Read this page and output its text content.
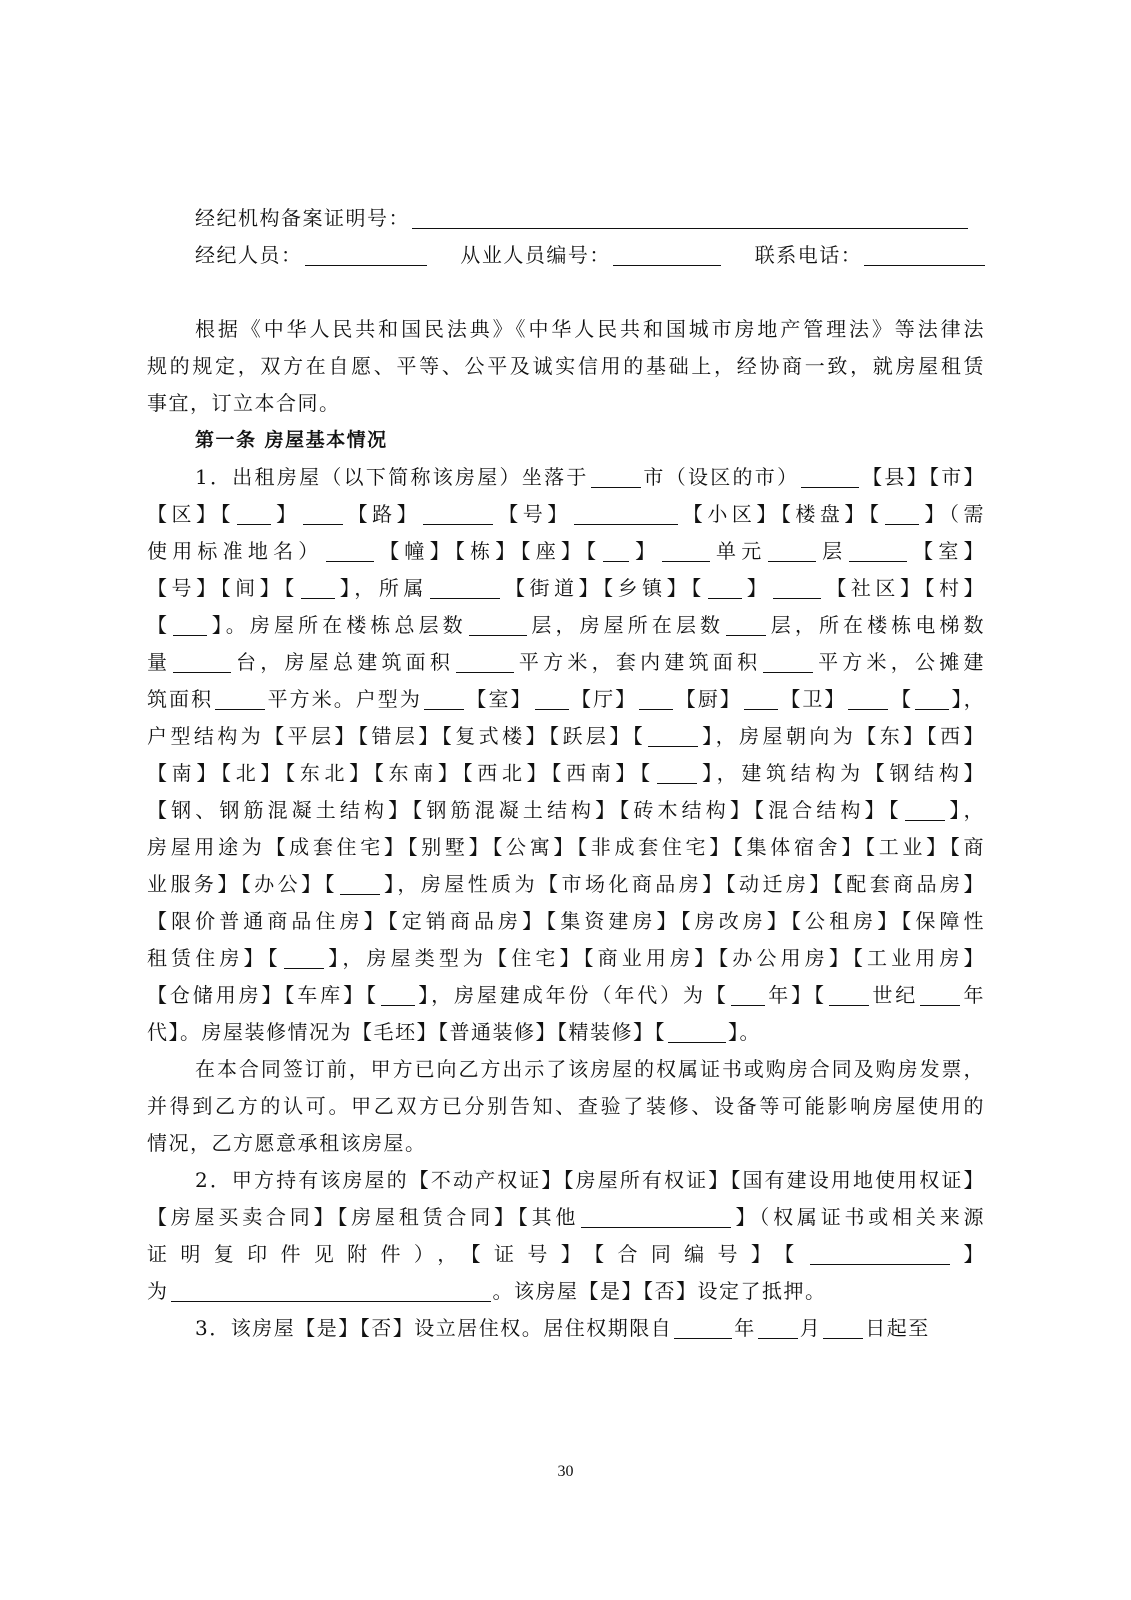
经纪机构备案证明号：
经纪人员：	从业人员编号：	联系电话：
根据《中华人民共和国民法典》《中华人民共和国城市房地产管理法》等法律法
规的规定，双方在自愿、平等、公平及诚实信用的基础上，经协商一致，就房屋租赁
事宜，订立本合同。
第一条 房屋基本情况
1．出租房屋（以下简称该房屋）坐落于	市（设区的市）	【县】【市】
【区】【 】 【路】	【号】	【小区】【楼盘】【 】（需
使用标准地名）	【幢】【栋】【座】【 】	单元	层	【室】
【号】【间】【 】，所属	【街道】【乡镇】【 】	【社区】【村】
【 】。房屋所在楼栋总层数	层，房屋所在层数 层，所在楼栋电梯数
量	台，房屋总建筑面积	平方米，套内建筑面积	平方米，公摊建
筑面积	平方米。户型为 【室】 【厅】 【厨】 【卫】 【 】，
户型结构为【平层】【错层】【复式楼】【跃层】【	】，房屋朝向为【东】【西】
【南】【北】【东北】【东南】【西北】【西南】【 】，建筑结构为【钢结构】
【钢、钢筋混凝土结构】【钢筋混凝土结构】【砖木结构】【混合结构】【 】，
房屋用途为【成套住宅】【别墅】【公寓】【非成套住宅】【集体宿舍】【工业】【商
业服务】【办公】【 】，房屋性质为【市场化商品房】【动迁房】【配套商品房】
【限价普通商品住房】【定销商品房】【集资建房】【房改房】【公租房】【保障性
租赁住房】【 】，房屋类型为【住宅】【商业用房】【办公用房】【工业用房】
【仓储用房】【车库】【 】，房屋建成年份（年代）为【 年】【 世纪 年
代】。房屋装修情况为【毛坯】【普通装修】【精装修】【	】。
在本合同签订前，甲方已向乙方出示了该房屋的权属证书或购房合同及购房发票，
并得到乙方的认可。甲乙双方已分别告知、查验了装修、设备等可能影响房屋使用的
情况，乙方愿意承租该房屋。
2．甲方持有该房屋的【不动产权证】【房屋所有权证】【国有建设用地使用权证】
【房屋买卖合同】【房屋租赁合同】【其他	】（权属证书或相关来源
证明复印件见附件），【证号】【合同编号】【	】
为	。该房屋【是】【否】设定了抵押。
3．该房屋【是】【否】设立居住权。居住权期限自	年 月 日起至
30
